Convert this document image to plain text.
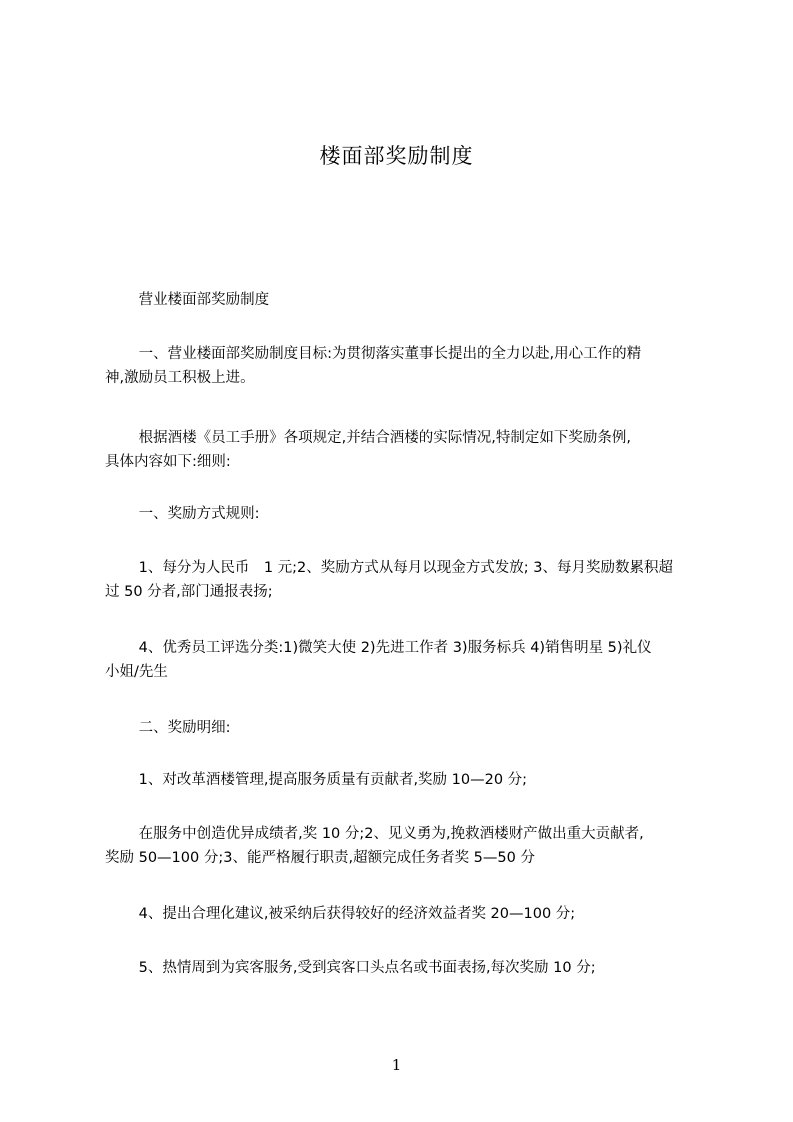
楼面部奖励制度
　　 营业楼面部奖励制度
　　 一、营业楼面部奖励制度目标:为贯彻落实董事长提出的全力以赴,用心工作的精
神,激励员工积极上进。
　　 根据酒楼《员工手册》各项规定,并结合酒楼的实际情况,特制定如下奖励条例,
具体内容如下:细则:
　　 一、奖励方式规则:
　　 1、每分为人民币　1 元;2、奖励方式从每月以现金方式发放; 3、每月奖励数累积超
过 50 分者,部门通报表扬;
　　 4、优秀员工评选分类:1)微笑大使 2)先进工作者 3)服务标兵 4)销售明星 5)礼仪
小姐/先生
　　 二、奖励明细:
　　 1、对改革酒楼管理,提高服务质量有贡献者,奖励 10—20 分;
　　 在服务中创造优异成绩者,奖 10 分;2、见义勇为,挽救酒楼财产做出重大贡献者,
奖励 50—100 分;3、能严格履行职责,超额完成任务者奖 5—50 分
　　 4、提出合理化建议,被采纳后获得较好的经济效益者奖 20—100 分;
　　 5、热情周到为宾客服务,受到宾客口头点名或书面表扬,每次奖励 10 分;
1
